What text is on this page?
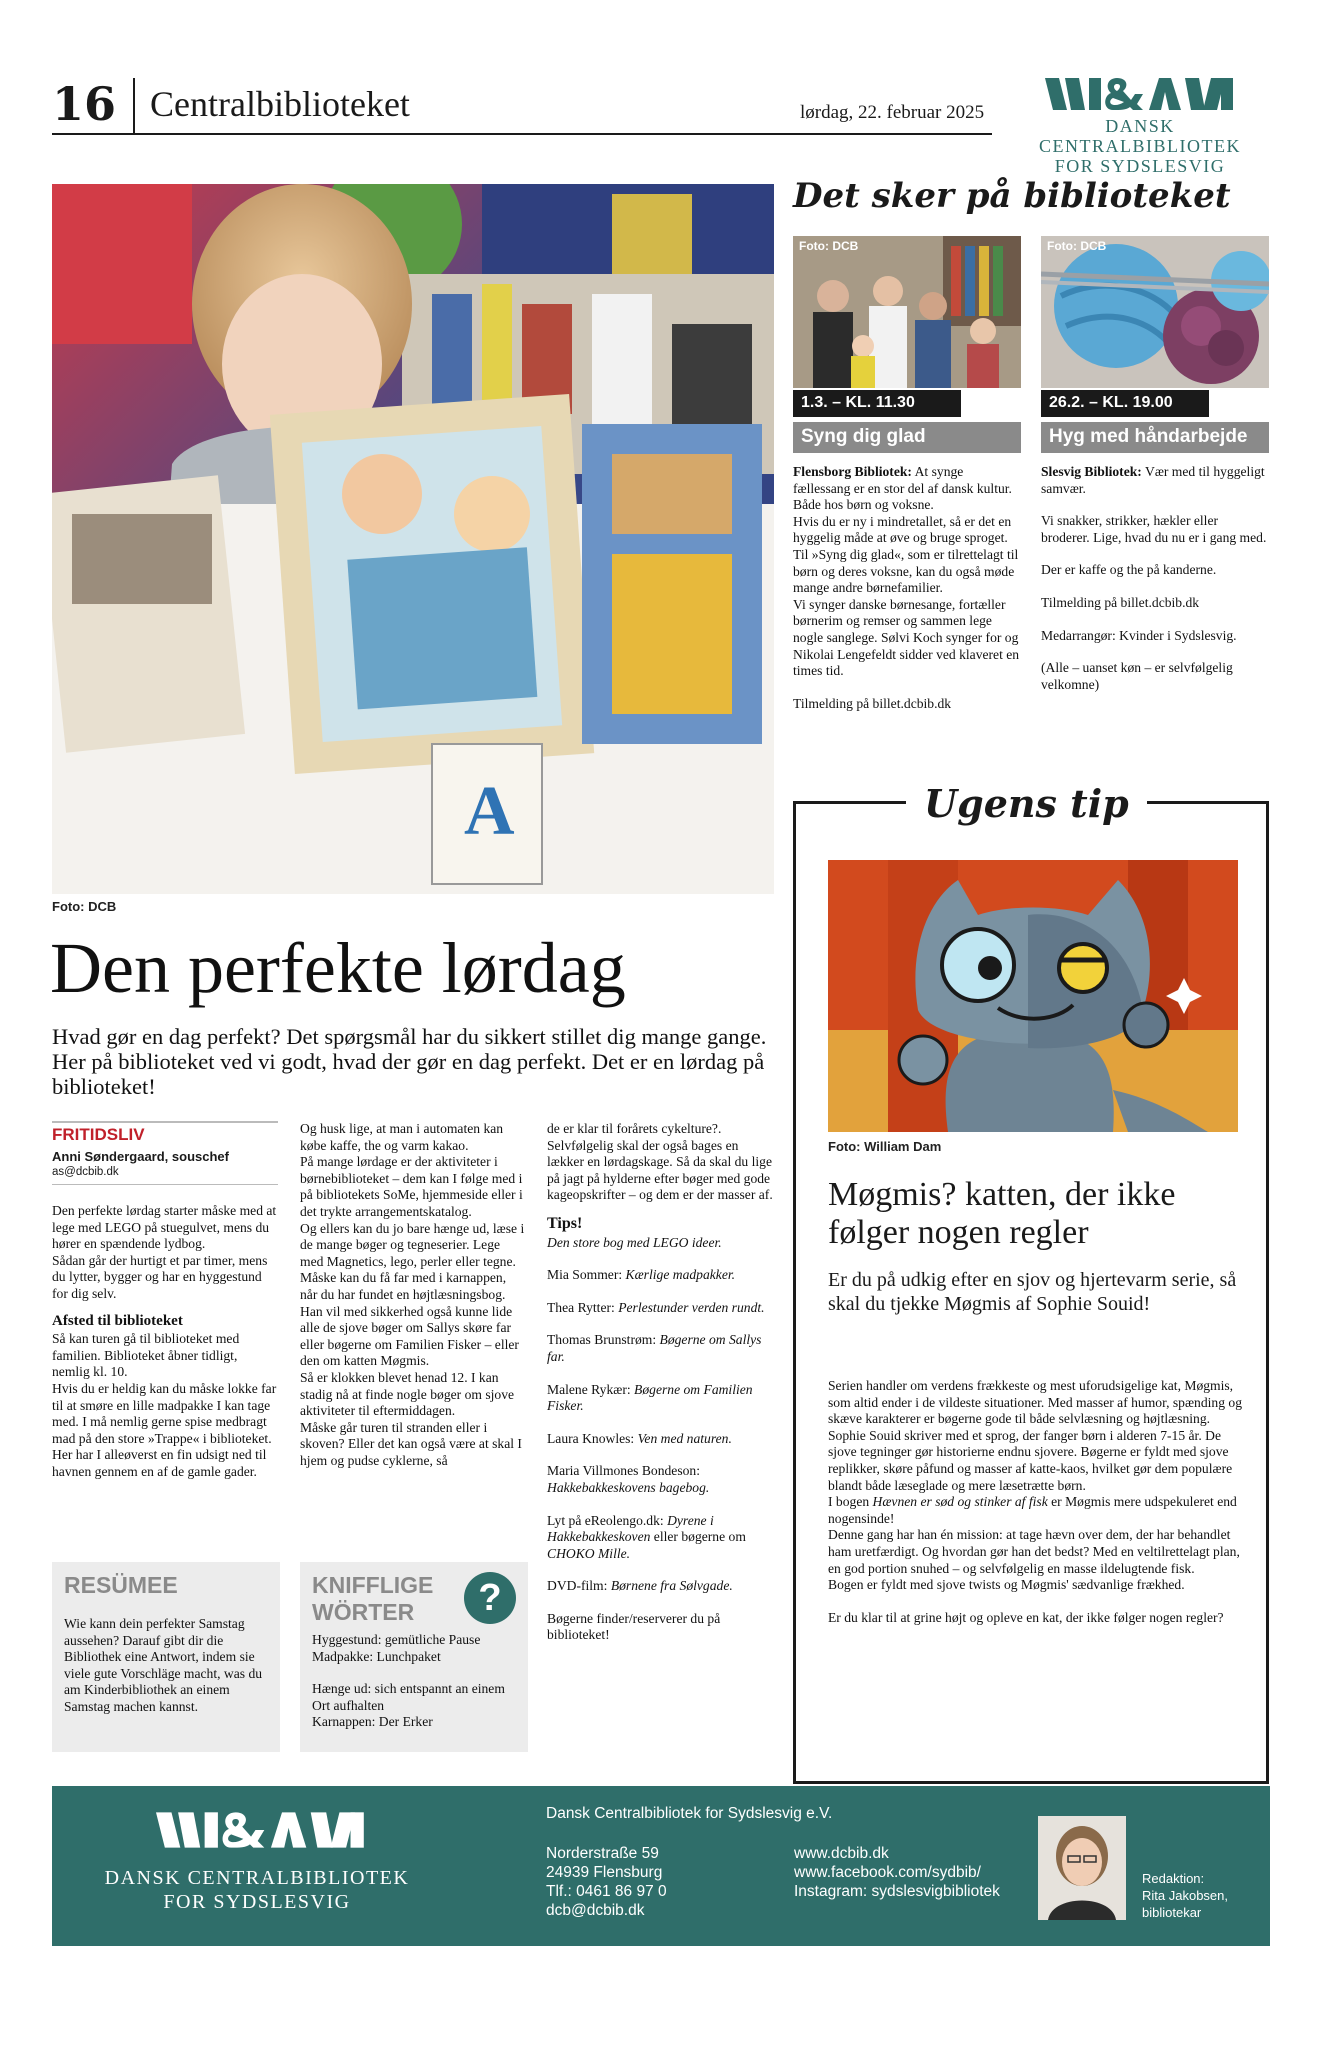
16 Centralbiblioteket	lørdag, 22. februar 2025
DANSK CENTRALBIBLIOTEK
FOR SYDSLESVIG
A
Foto: DCB
Den perfekte lørdag
Hvad gør en dag perfekt? Det spørgsmål har du sikkert stillet dig mange gange. Her på biblioteket ved vi godt, hvad der gør en dag perfekt. Det er en lørdag på biblioteket!
FRITIDSLIV
Anni Søndergaard, souschef
as@dcbib.dk

Den perfekte lørdag starter måske med at lege med LEGO på stuegulvet, mens du hører en spændende lydbog.

Sådan går der hurtigt et par timer, mens du lytter, bygger og har en hyggestund for dig selv.

Afsted til biblioteket

Så kan turen gå til biblioteket med familien. Biblioteket åbner tidligt, nemlig kl. 10.

Hvis du er heldig kan du måske lokke far til at smøre en lille madpakke I kan tage med. I må nemlig gerne spise medbragt mad på den store »Trappe« i biblioteket. Her har I alleøverst en fin udsigt ned til havnen gennem en af de gamle gader.

Og husk lige, at man i automaten kan købe kaffe, the og varm kakao.

På mange lørdage er der aktiviteter i børnebiblioteket – dem kan I følge med i på bibliotekets SoMe, hjemmeside eller i det trykte arrangementskatalog.

Og ellers kan du jo bare hænge ud, læse i de mange bøger og tegneserier. Lege med Magnetics, lego, perler eller tegne.

Måske kan du få far med i karnappen, når du har fundet en højtlæsningsbog. Han vil med sikkerhed også kunne lide alle de sjove bøger om Sallys skøre far eller bøgerne om Familien Fisker – eller den om katten Møgmis.

Så er klokken blevet henad 12. I kan stadig nå at finde nogle bøger om sjove aktiviteter til eftermiddagen.

Måske går turen til stranden eller i skoven? Eller det kan også være at skal I hjem og pudse cyklerne, så

de er klar til forårets cykelture?. Selvfølgelig skal der også bages en lækker en lørdagskage. Så da skal du lige på jagt på hylderne efter bøger med gode kageopskrifter – og dem er der masser af.

Tips!

Den store bog med LEGO ideer.

Mia Sommer: Kærlige madpakker.

Thea Rytter: Perlestunder verden rundt.

Thomas Brunstrøm: Bøgerne om Sallys far.

Malene Rykær: Bøgerne om Familien Fisker.

Laura Knowles: Ven med naturen.

Maria Villmones Bondeson: Hakkebakkeskovens bagebog.

Lyt på eReolengo.dk: Dyrene i Hakkebakkeskoven eller bøgerne om CHOKO Mille.

DVD-film: Børnene fra Sølvgade.

Bøgerne finder/reserverer du på biblioteket!

RESÜMEE
Wie kann dein perfekter Samstag aussehen? Darauf gibt dir die Bibliothek eine Antwort, indem sie viele gute Vorschläge macht, was du am Kinderbibliothek an einem Samstag machen kannst.
KNIFFLIGE
WÖRTER	?

Hyggestund: gemütliche Pause

Madpakke: Lunchpaket

Hænge ud: sich entspannt an einem Ort aufhalten

Karnappen: Der Erker

Det sker på biblioteket
Foto: DCB
1.3. – KL. 11.30
Syng dig glad

Flensborg Bibliotek: At synge fællessang er en stor del af dansk kultur. Både hos børn og voksne.

Hvis du er ny i mindretallet, så er det en hyggelig måde at øve og bruge sproget. Til »Syng dig glad«, som er tilrettelagt til børn og deres voksne, kan du også møde mange andre børnefamilier.

Vi synger danske børnesange, fortæller børnerim og remser og sammen lege nogle sanglege. Sølvi Koch synger for og Nikolai Lengefeldt sidder ved klaveret en times tid.

Tilmelding på billet.dcbib.dk

Foto: DCB
26.2. – KL. 19.00
Hyg med håndarbejde

Slesvig Bibliotek: Vær med til hyggeligt samvær.

Vi snakker, strikker, hækler eller broderer. Lige, hvad du nu er i gang med.

Der er kaffe og the på kanderne.

Tilmelding på billet.dcbib.dk

Medarrangør: Kvinder i Sydslesvig.

(Alle – uanset køn – er selvfølgelig velkomne)

Ugens tip
Foto: William Dam
Møgmis? katten, der ikke følger nogen regler
Er du på udkig efter en sjov og hjertevarm serie, så skal du tjekke Møgmis af Sophie Souid!

Serien handler om verdens frækkeste og mest uforudsigelige kat, Møgmis, som altid ender i de vildeste situationer. Med masser af humor, spænding og skæve karakterer er bøgerne gode til både selvlæsning og højtlæsning.

Sophie Souid skriver med et sprog, der fanger børn i alderen 7-15 år. De sjove tegninger gør historierne endnu sjovere. Bøgerne er fyldt med sjove replikker, skøre påfund og masser af katte-kaos, hvilket gør dem populære blandt både læseglade og mere læsetrætte børn.

I bogen Hævnen er sød og stinker af fisk er Møgmis mere udspekuleret end nogensinde!

Denne gang har han én mission: at tage hævn over dem, der har behandlet ham uretfærdigt. Og hvordan gør han det bedst? Med en veltilrettelagt plan, en god portion snuhed – og selvfølgelig en masse ildelugtende fisk.

Bogen er fyldt med sjove twists og Møgmis' sædvanlige frækhed.

Er du klar til at grine højt og opleve en kat, der ikke følger nogen regler?

DANSK CENTRALBIBLIOTEK
FOR SYDSLESVIG
Dansk Centralbibliotek for Sydslesvig e.V.
Norderstraße 59
24939 Flensburg
Tlf.: 0461 86 97 0
dcb@dcbib.dk
www.dcbib.dk
www.facebook.com/sydbib/
Instagram: sydslesvigbibliotek
Redaktion:
Rita Jakobsen,
bibliotekar
